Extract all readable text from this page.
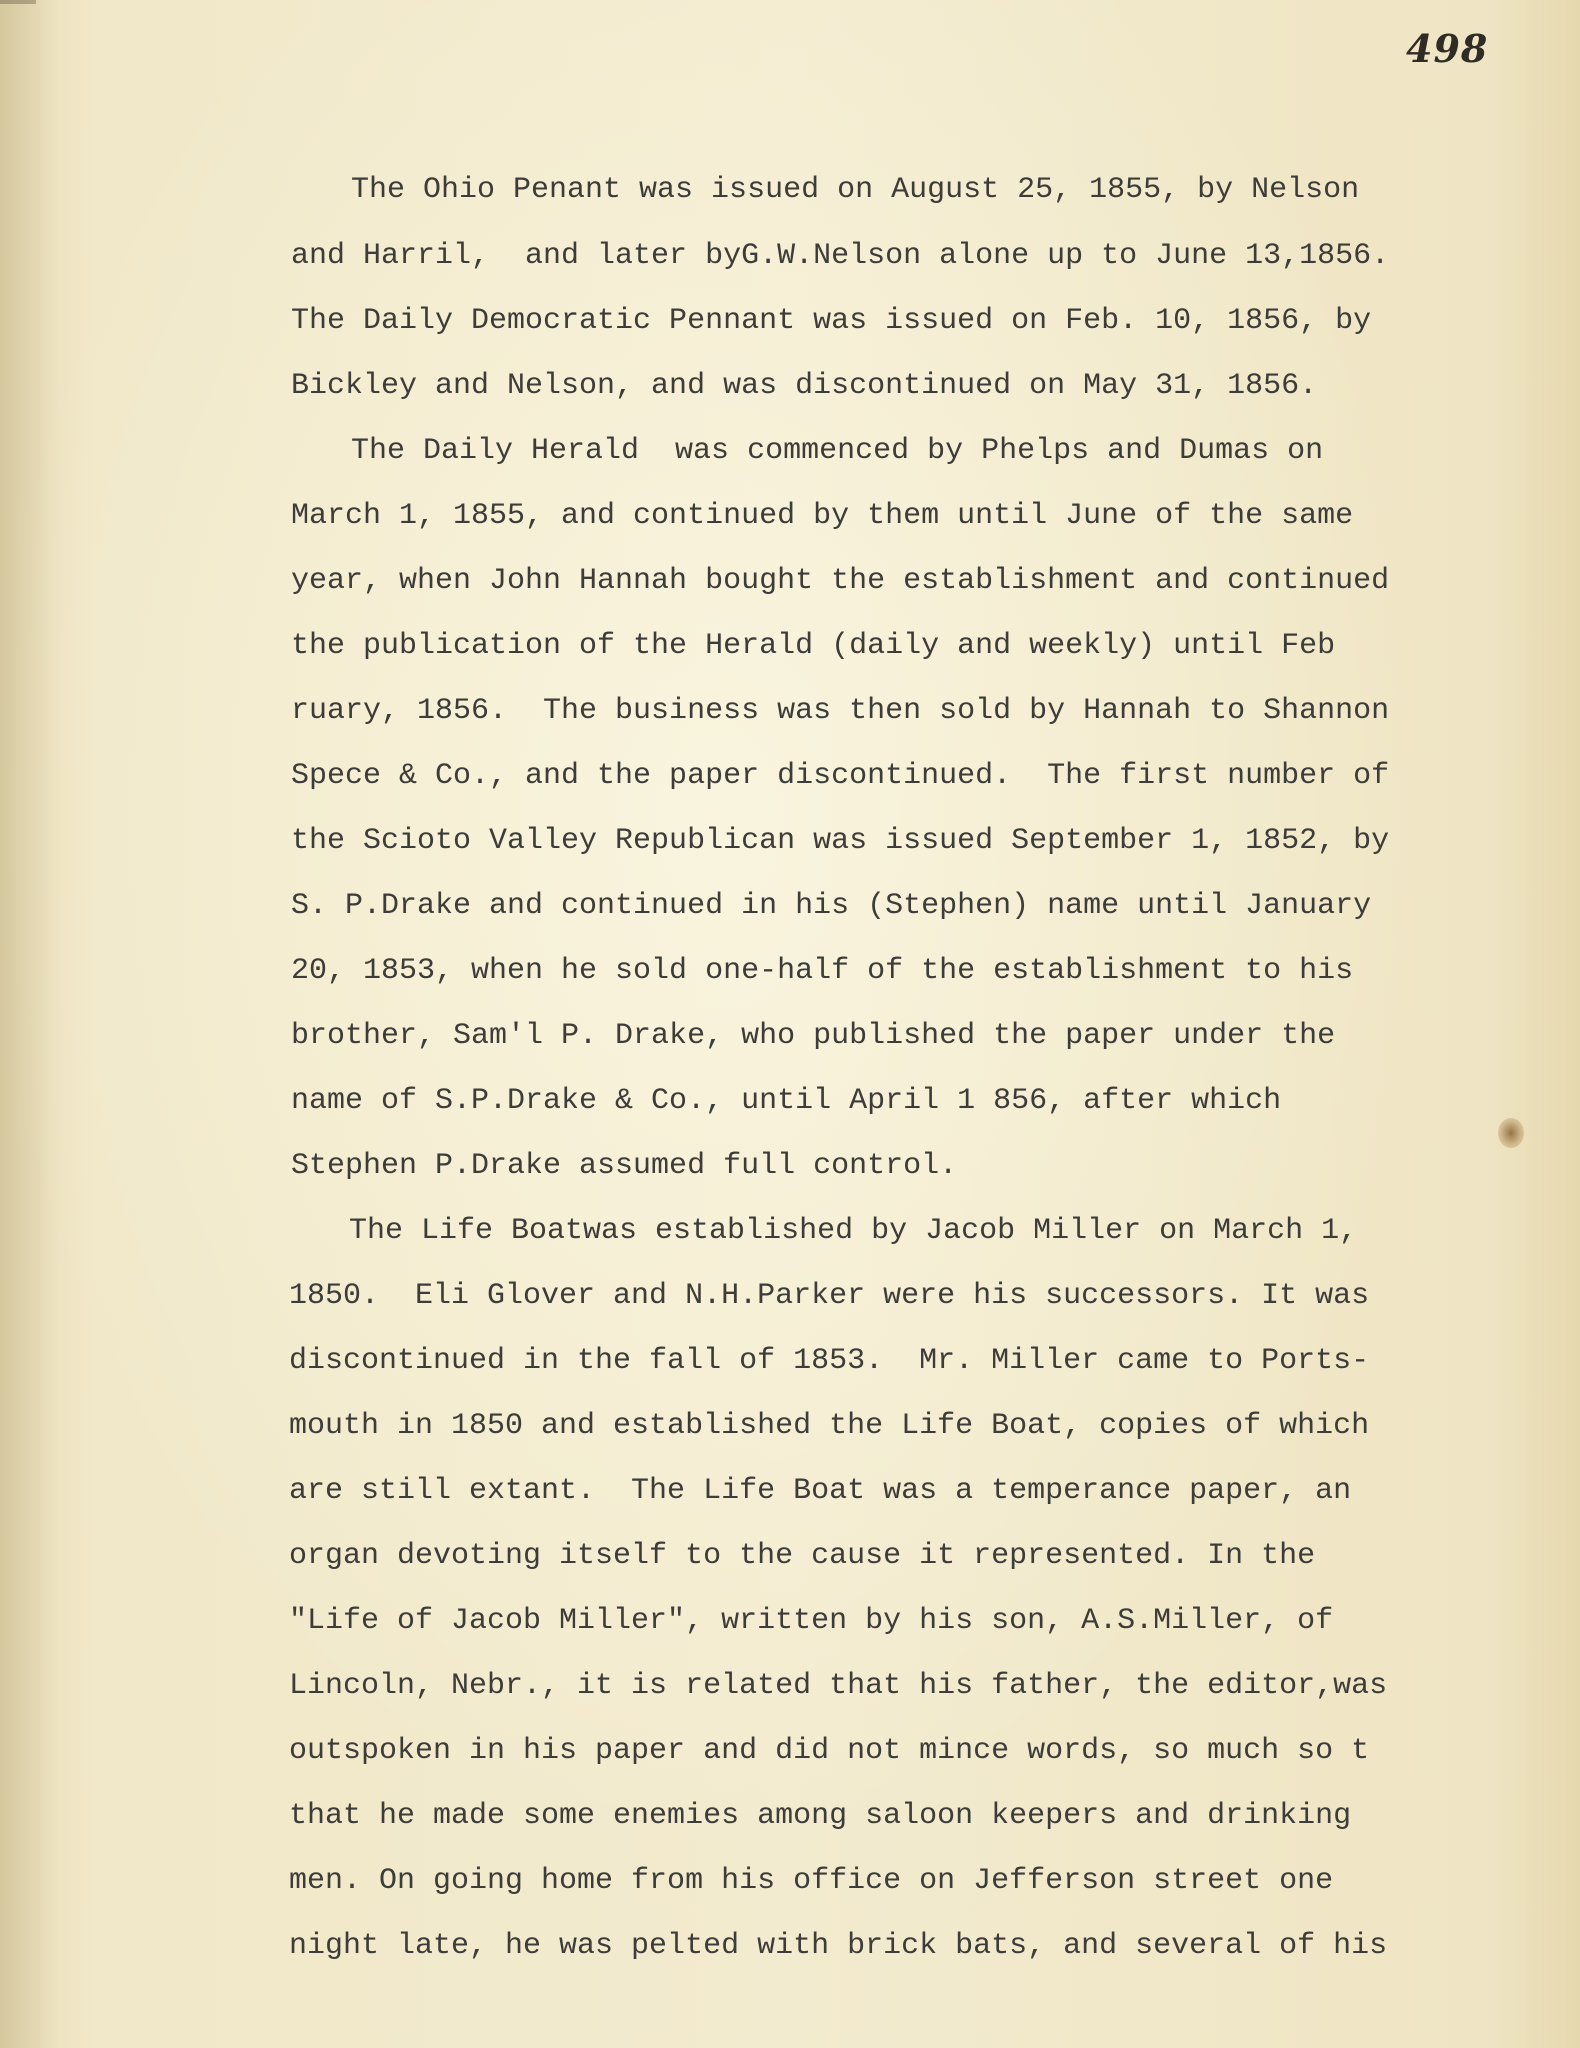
498
The Ohio Penant was issued on August 25, 1855, by Nelson
and Harril,  and later byG.W.Nelson alone up to June 13,1856.
The Daily Democratic Pennant was issued on Feb. 10, 1856, by
Bickley and Nelson, and was discontinued on May 31, 1856.
The Daily Herald  was commenced by Phelps and Dumas on
March 1, 1855, and continued by them until June of the same
year, when John Hannah bought the establishment and continued
the publication of the Herald (daily and weekly) until Feb
ruary, 1856.  The business was then sold by Hannah to Shannon
Spece & Co., and the paper discontinued.  The first number of
the Scioto Valley Republican was issued September 1, 1852, by
S. P.Drake and continued in his (Stephen) name until January
20, 1853, when he sold one-half of the establishment to his
brother, Sam'l P. Drake, who published the paper under the
name of S.P.Drake & Co., until April 1 856, after which
Stephen P.Drake assumed full control.
The Life Boatwas established by Jacob Miller on March 1,
1850.  Eli Glover and N.H.Parker were his successors. It was
discontinued in the fall of 1853.  Mr. Miller came to Ports-
mouth in 1850 and established the Life Boat, copies of which
are still extant.  The Life Boat was a temperance paper, an
organ devoting itself to the cause it represented. In the
"Life of Jacob Miller", written by his son, A.S.Miller, of
Lincoln, Nebr., it is related that his father, the editor,was
outspoken in his paper and did not mince words, so much so t
that he made some enemies among saloon keepers and drinking
men. On going home from his office on Jefferson street one
night late, he was pelted with brick bats, and several of his
